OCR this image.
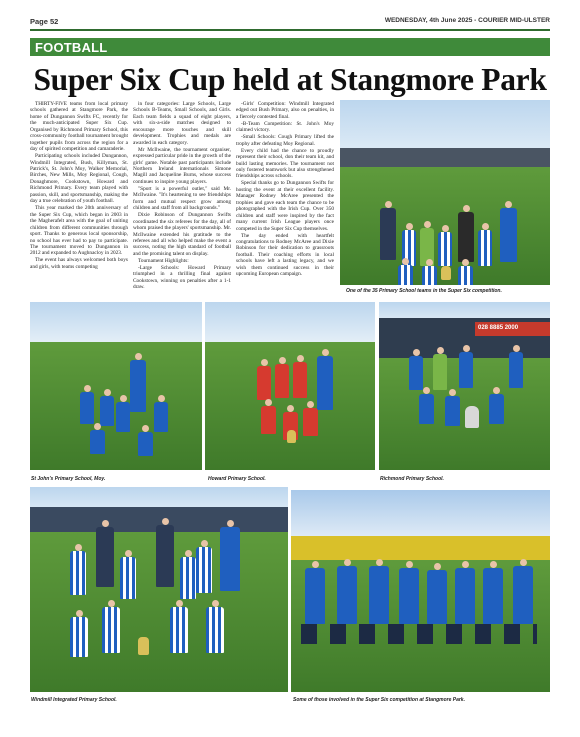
Page 52	WEDNESDAY, 4th June 2025 - COURIER MID-ULSTER
FOOTBALL
Super Six Cup held at Stangmore Park

THIRTY-FIVE teams from local primary schools gathered at Stangmore Park, the home of Dungannon Swifts FC, recently for the much-anticipated Super Six Cup. Organised by Richmond Primary School, this cross-community football tournament brought together pupils from across the region for a day of spirited competition and camaraderie.

Participating schools included Dungannon, Windmill Integrated, Bush, Killyman, St. Patrick's, St. John's Moy, Walker Memorial, Birches, New Mills, Moy Regional, Cough, Donaghmore, Cookstown, Howard and Richmond Primary. Every team played with passion, skill, and sportsmanship, making the day a true celebration of youth football.

This year marked the 20th anniversary of the Super Six Cup, which began in 2003 in the Magherafelt area with the goal of uniting children from different communities through sport. Thanks to generous local sponsorship, no school has ever had to pay to participate. The tournament moved to Dungannon in 2012 and expanded to Aughnacloy in 2023.

The event has always welcomed both boys and girls, with teams competing

in four categories: Large Schools, Large Schools B-Teams, Small Schools, and Girls. Each team fields a squad of eight players, with six-a-side matches designed to encourage more touches and skill development. Trophies and medals are awarded in each category.

Mr McIlwaine, the tournament organiser, expressed particular pride in the growth of the girls' game. Notable past participants include Northern Ireland internationals Simone Magill and Jacqueline Burns, whose success continues to inspire young players.

"Sport is a powerful outlet," said Mr. McIlwaine. "It's heartening to see friendships form and mutual respect grow among children and staff from all backgrounds."

Dixie Robinson of Dungannon Swifts coordinated the six referees for the day, all of whom praised the players' sportsmanship. Mr. McIlwaine extended his gratitude to the referees and all who helped make the event a success, noting the high standard of football and the promising talent on display.

Tournament Highlights:

-Large Schools: Howard Primary triumphed in a thrilling final against Cookstown, winning on penalties after a 1-1 draw.

-Girls' Competition: Windmill Integrated edged out Bush Primary, also on penalties, in a fiercely contested final.

-B-Team Competition: St. John's Moy claimed victory.

-Small Schools: Cough Primary lifted the trophy after defeating Moy Regional.

Every child had the chance to proudly represent their school, don their team kit, and build lasting memories. The tournament not only fostered teamwork but also strengthened friendships across schools.

Special thanks go to Dungannon Swifts for hosting the event at their excellent facility. Manager Rodney McAree presented the trophies and gave each team the chance to be photographed with the Irish Cup. Over 350 children and staff were inspired by the fact many current Irish League players once competed in the Super Six Cup themselves.

The day ended with heartfelt congratulations to Rodney McAree and Dixie Robinson for their dedication to grassroots football. Their coaching efforts in local schools have left a lasting legacy, and we wish them continued success in their upcoming European campaign.

One of the 35 Primary School teams in the Super Six competition.
St John's Primary School, Moy.	Howard Primary School.
028 8885 2000
Richmond Primary School.
Windmill Integrated Primary School.	Some of those involved in the Super Six competition at Stangmore Park.
